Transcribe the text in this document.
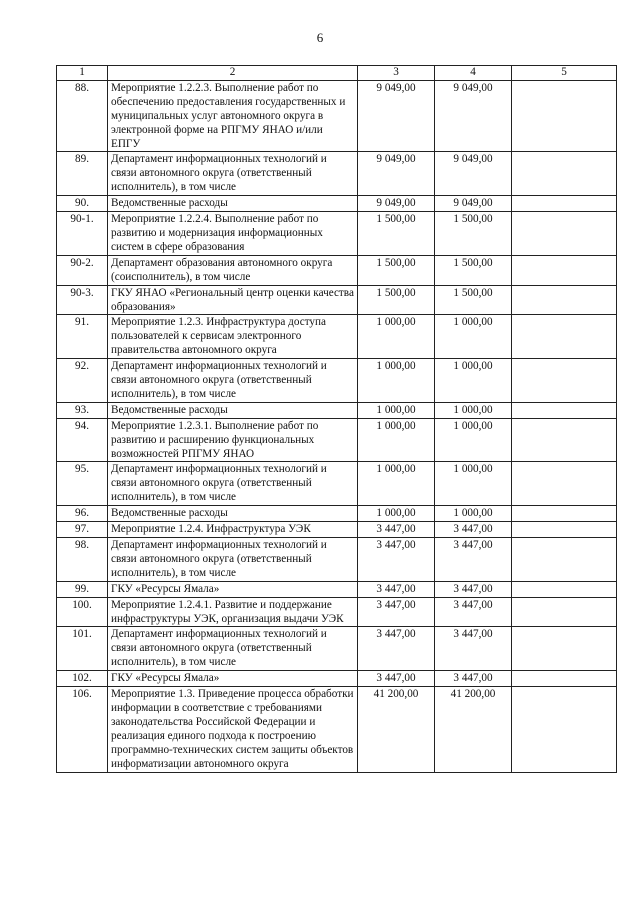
6
1	2	3	4	5
88.	Мероприятие 1.2.2.3. Выполнение работ по обеспечению предоставления государственных и муниципальных услуг автономного округа в электронной форме на РПГМУ ЯНАО и/или ЕПГУ	9 049,00	9 049,00	
89.	Департамент информационных технологий и связи автономного округа (ответственный исполнитель), в том числе	9 049,00	9 049,00	
90.	Ведомственные расходы	9 049,00	9 049,00	
90-1.	Мероприятие 1.2.2.4. Выполнение работ по развитию и модернизация информационных систем в сфере образования	1 500,00	1 500,00	
90-2.	Департамент образования автономного округа (соисполнитель), в том числе	1 500,00	1 500,00	
90-3.	ГКУ ЯНАО «Региональный центр оценки качества образования»	1 500,00	1 500,00	
91.	Мероприятие 1.2.3. Инфраструктура доступа пользователей к сервисам электронного правительства автономного округа	1 000,00	1 000,00	
92.	Департамент информационных технологий и связи автономного округа (ответственный исполнитель), в том числе	1 000,00	1 000,00	
93.	Ведомственные расходы	1 000,00	1 000,00	
94.	Мероприятие 1.2.3.1. Выполнение работ по развитию и расширению функциональных возможностей РПГМУ ЯНАО	1 000,00	1 000,00	
95.	Департамент информационных технологий и связи автономного округа (ответственный исполнитель), в том числе	1 000,00	1 000,00	
96.	Ведомственные расходы	1 000,00	1 000,00	
97.	Мероприятие 1.2.4. Инфраструктура УЭК	3 447,00	3 447,00	
98.	Департамент информационных технологий и связи автономного округа (ответственный исполнитель), в том числе	3 447,00	3 447,00	
99.	ГКУ «Ресурсы Ямала»	3 447,00	3 447,00	
100.	Мероприятие 1.2.4.1. Развитие и поддержание инфраструктуры УЭК, организация выдачи УЭК	3 447,00	3 447,00	
101.	Департамент информационных технологий и связи автономного округа (ответственный исполнитель), в том числе	3 447,00	3 447,00	
102.	ГКУ «Ресурсы Ямала»	3 447,00	3 447,00	
106.	Мероприятие 1.3. Приведение процесса обработки информации в соответствие с требованиями законодательства Российской Федерации и реализация единого подхода к построению программно-технических систем защиты объектов информатизации автономного округа	41 200,00	41 200,00	
